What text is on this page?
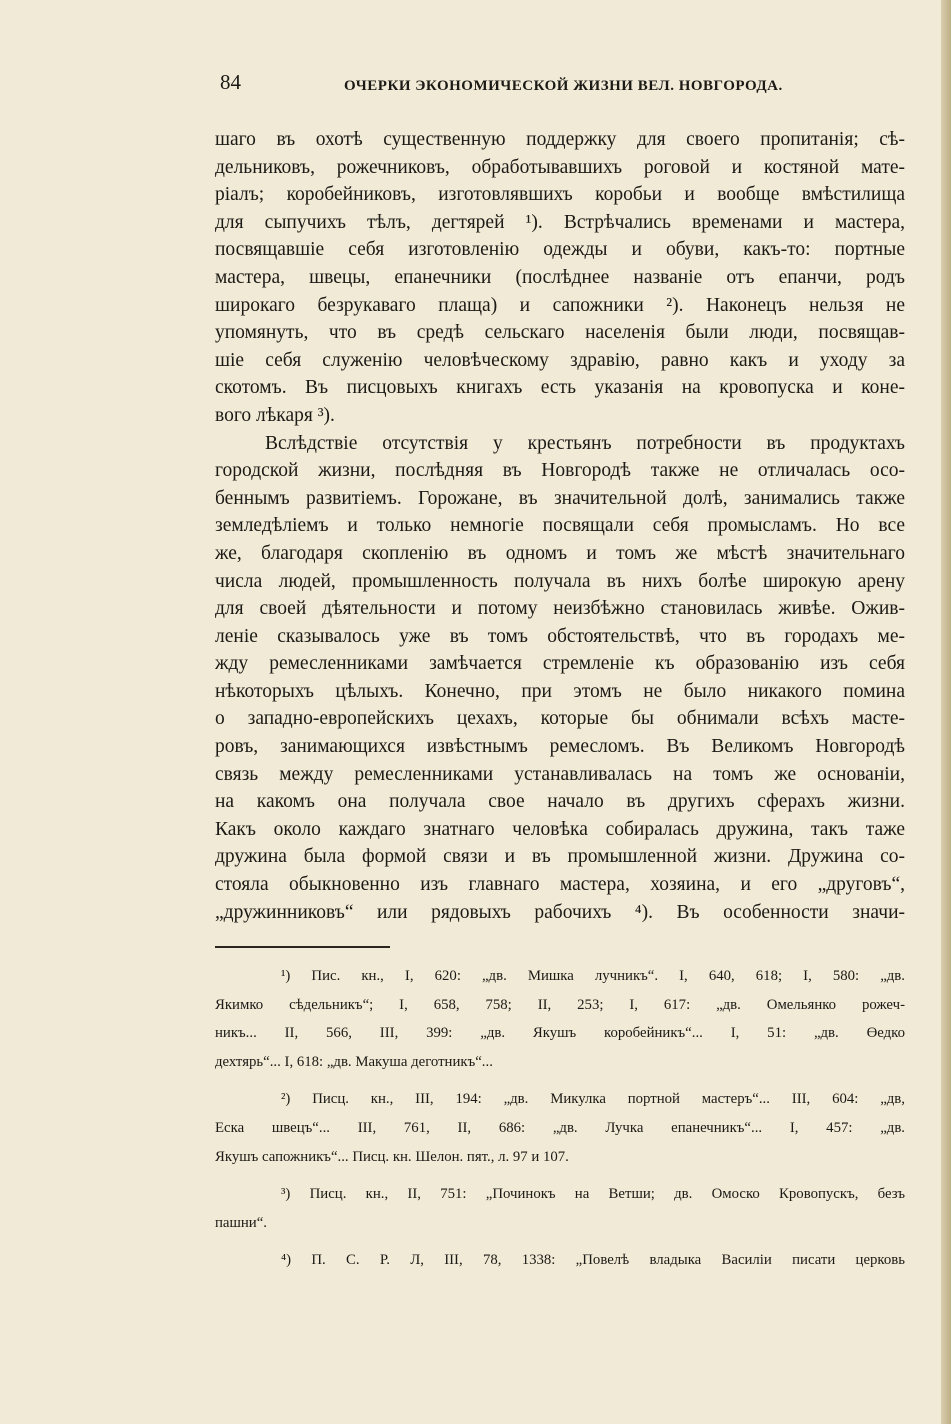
84	ОЧЕРКИ ЭКОНОМИЧЕСКОЙ ЖИЗНИ ВЕЛ. НОВГОРОДА.
шаго въ охотѣ существенную поддержку для своего пропитанія; сѣ-
дельниковъ, рожечниковъ, обработывавшихъ роговой и костяной мате-
ріалъ; коробейниковъ, изготовлявшихъ коробьи и вообще вмѣстилища
для сыпучихъ тѣлъ, дегтярей ¹). Встрѣчались временами и мастера,
посвящавшіе себя изготовленію одежды и обуви, какъ-то: портные
мастера, швецы, епанечники (послѣднее названіе отъ епанчи, родъ
широкаго безрукаваго плаща) и сапожники ²). Наконецъ нельзя не
упомянуть, что въ средѣ сельскаго населенія были люди, посвящав-
шіе себя служенію человѣческому здравію, равно какъ и уходу за
скотомъ. Въ писцовыхъ книгахъ есть указанія на кровопуска и коне-
вого лѣкаря ³).
Вслѣдствіе отсутствія у крестьянъ потребности въ продуктахъ
городской жизни, послѣдняя въ Новгородѣ также не отличалась осо-
беннымъ развитіемъ. Горожане, въ значительной долѣ, занимались также
земледѣліемъ и только немногіе посвящали себя промысламъ. Но все
же, благодаря скопленію въ одномъ и томъ же мѣстѣ значительнаго
числа людей, промышленность получала въ нихъ болѣе широкую арену
для своей дѣятельности и потому неизбѣжно становилась живѣе. Ожив-
леніе сказывалось уже въ томъ обстоятельствѣ, что въ городахъ ме-
жду ремесленниками замѣчается стремленіе къ образованію изъ себя
нѣкоторыхъ цѣлыхъ. Конечно, при этомъ не было никакого помина
о западно-европейскихъ цехахъ, которые бы обнимали всѣхъ масте-
ровъ, занимающихся извѣстнымъ ремесломъ. Въ Великомъ Новгородѣ
связь между ремесленниками устанавливалась на томъ же основаніи,
на какомъ она получала свое начало въ другихъ сферахъ жизни.
Какъ около каждаго знатнаго человѣка собиралась дружина, такъ таже
дружина была формой связи и въ промышленной жизни. Дружина со-
стояла обыкновенно изъ главнаго мастера, хозяина, и его „друговъ“,
„дружинниковъ“ или рядовыхъ рабочихъ ⁴). Въ особенности значи-
¹) Пис. кн., I, 620: „дв. Мишка лучникъ“. I, 640, 618; I, 580: „дв.
Якимко сѣдельникъ“; I, 658, 758; II, 253; I, 617: „дв. Омельянко рожеч-
никъ... II, 566, III, 399: „дв. Якушъ коробейникъ“... I, 51: „дв. Өедко
дехтярь“... I, 618: „дв. Макуша деготникъ“...
²) Писц. кн., III, 194: „дв. Микулка портной мастеръ“... III, 604: „дв,
Еска швецъ“... III, 761, II, 686: „дв. Лучка епанечникъ“... I, 457: „дв.
Якушъ сапожникъ“... Писц. кн. Шелон. пят., л. 97 и 107.
³) Писц. кн., II, 751: „Починокъ на Ветши; дв. Омоско Кровопускъ, безъ
пашни“.
⁴) П. С. Р. Л, III, 78, 1338: „Повелѣ владыка Василіи писати церковь
